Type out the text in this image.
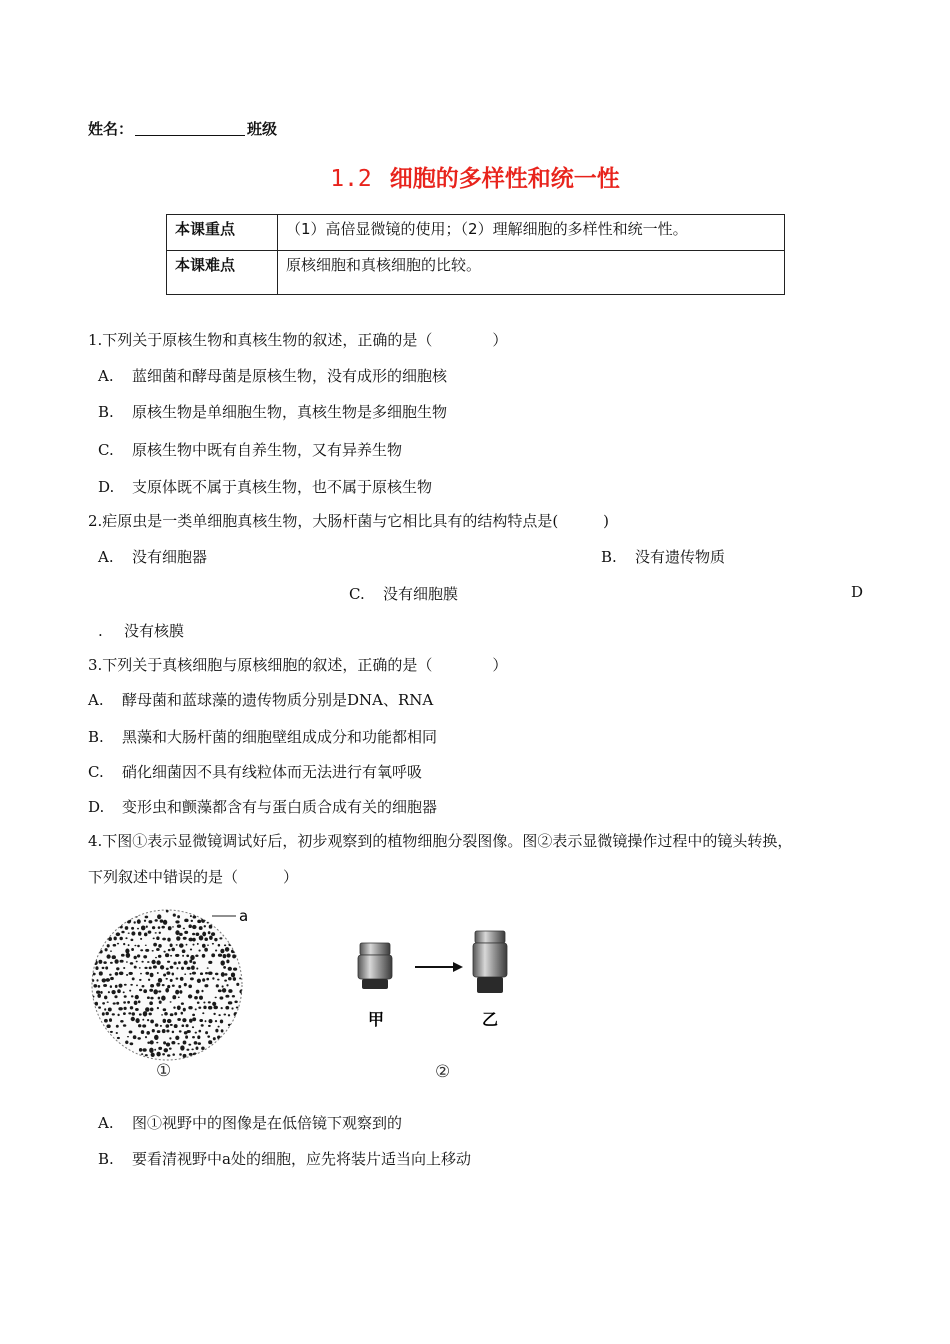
姓名：	班级
1.2 细胞的多样性和统一性
本课重点	（1）高倍显微镜的使用；（2）理解细胞的多样性和统一性。
本课难点	原核细胞和真核细胞的比较。
1.下列关于原核生物和真核生物的叙述，正确的是（　　　　）
A. 蓝细菌和酵母菌是原核生物，没有成形的细胞核
B. 原核生物是单细胞生物，真核生物是多细胞生物
C. 原核生物中既有自养生物，又有异养生物
D. 支原体既不属于真核生物，也不属于原核生物
2.疟原虫是一类单细胞真核生物，大肠杆菌与它相比具有的结构特点是(　　　)
A. 没有细胞器	B. 没有遗传物质
C. 没有细胞膜	D
. 没有核膜
3.下列关于真核细胞与原核细胞的叙述，正确的是（　　　　）
A. 酵母菌和蓝球藻的遗传物质分别是DNA、RNA
B. 黑藻和大肠杆菌的细胞壁组成成分和功能都相同
C. 硝化细菌因不具有线粒体而无法进行有氧呼吸
D. 变形虫和颤藻都含有与蛋白质合成有关的细胞器
4.下图①表示显微镜调试好后，初步观察到的植物细胞分裂图像。图②表示显微镜操作过程中的镜头转换，
下列叙述中错误的是（　　　）
a
①
甲	乙
②
A. 图①视野中的图像是在低倍镜下观察到的
B. 要看清视野中a处的细胞，应先将装片适当向上移动
